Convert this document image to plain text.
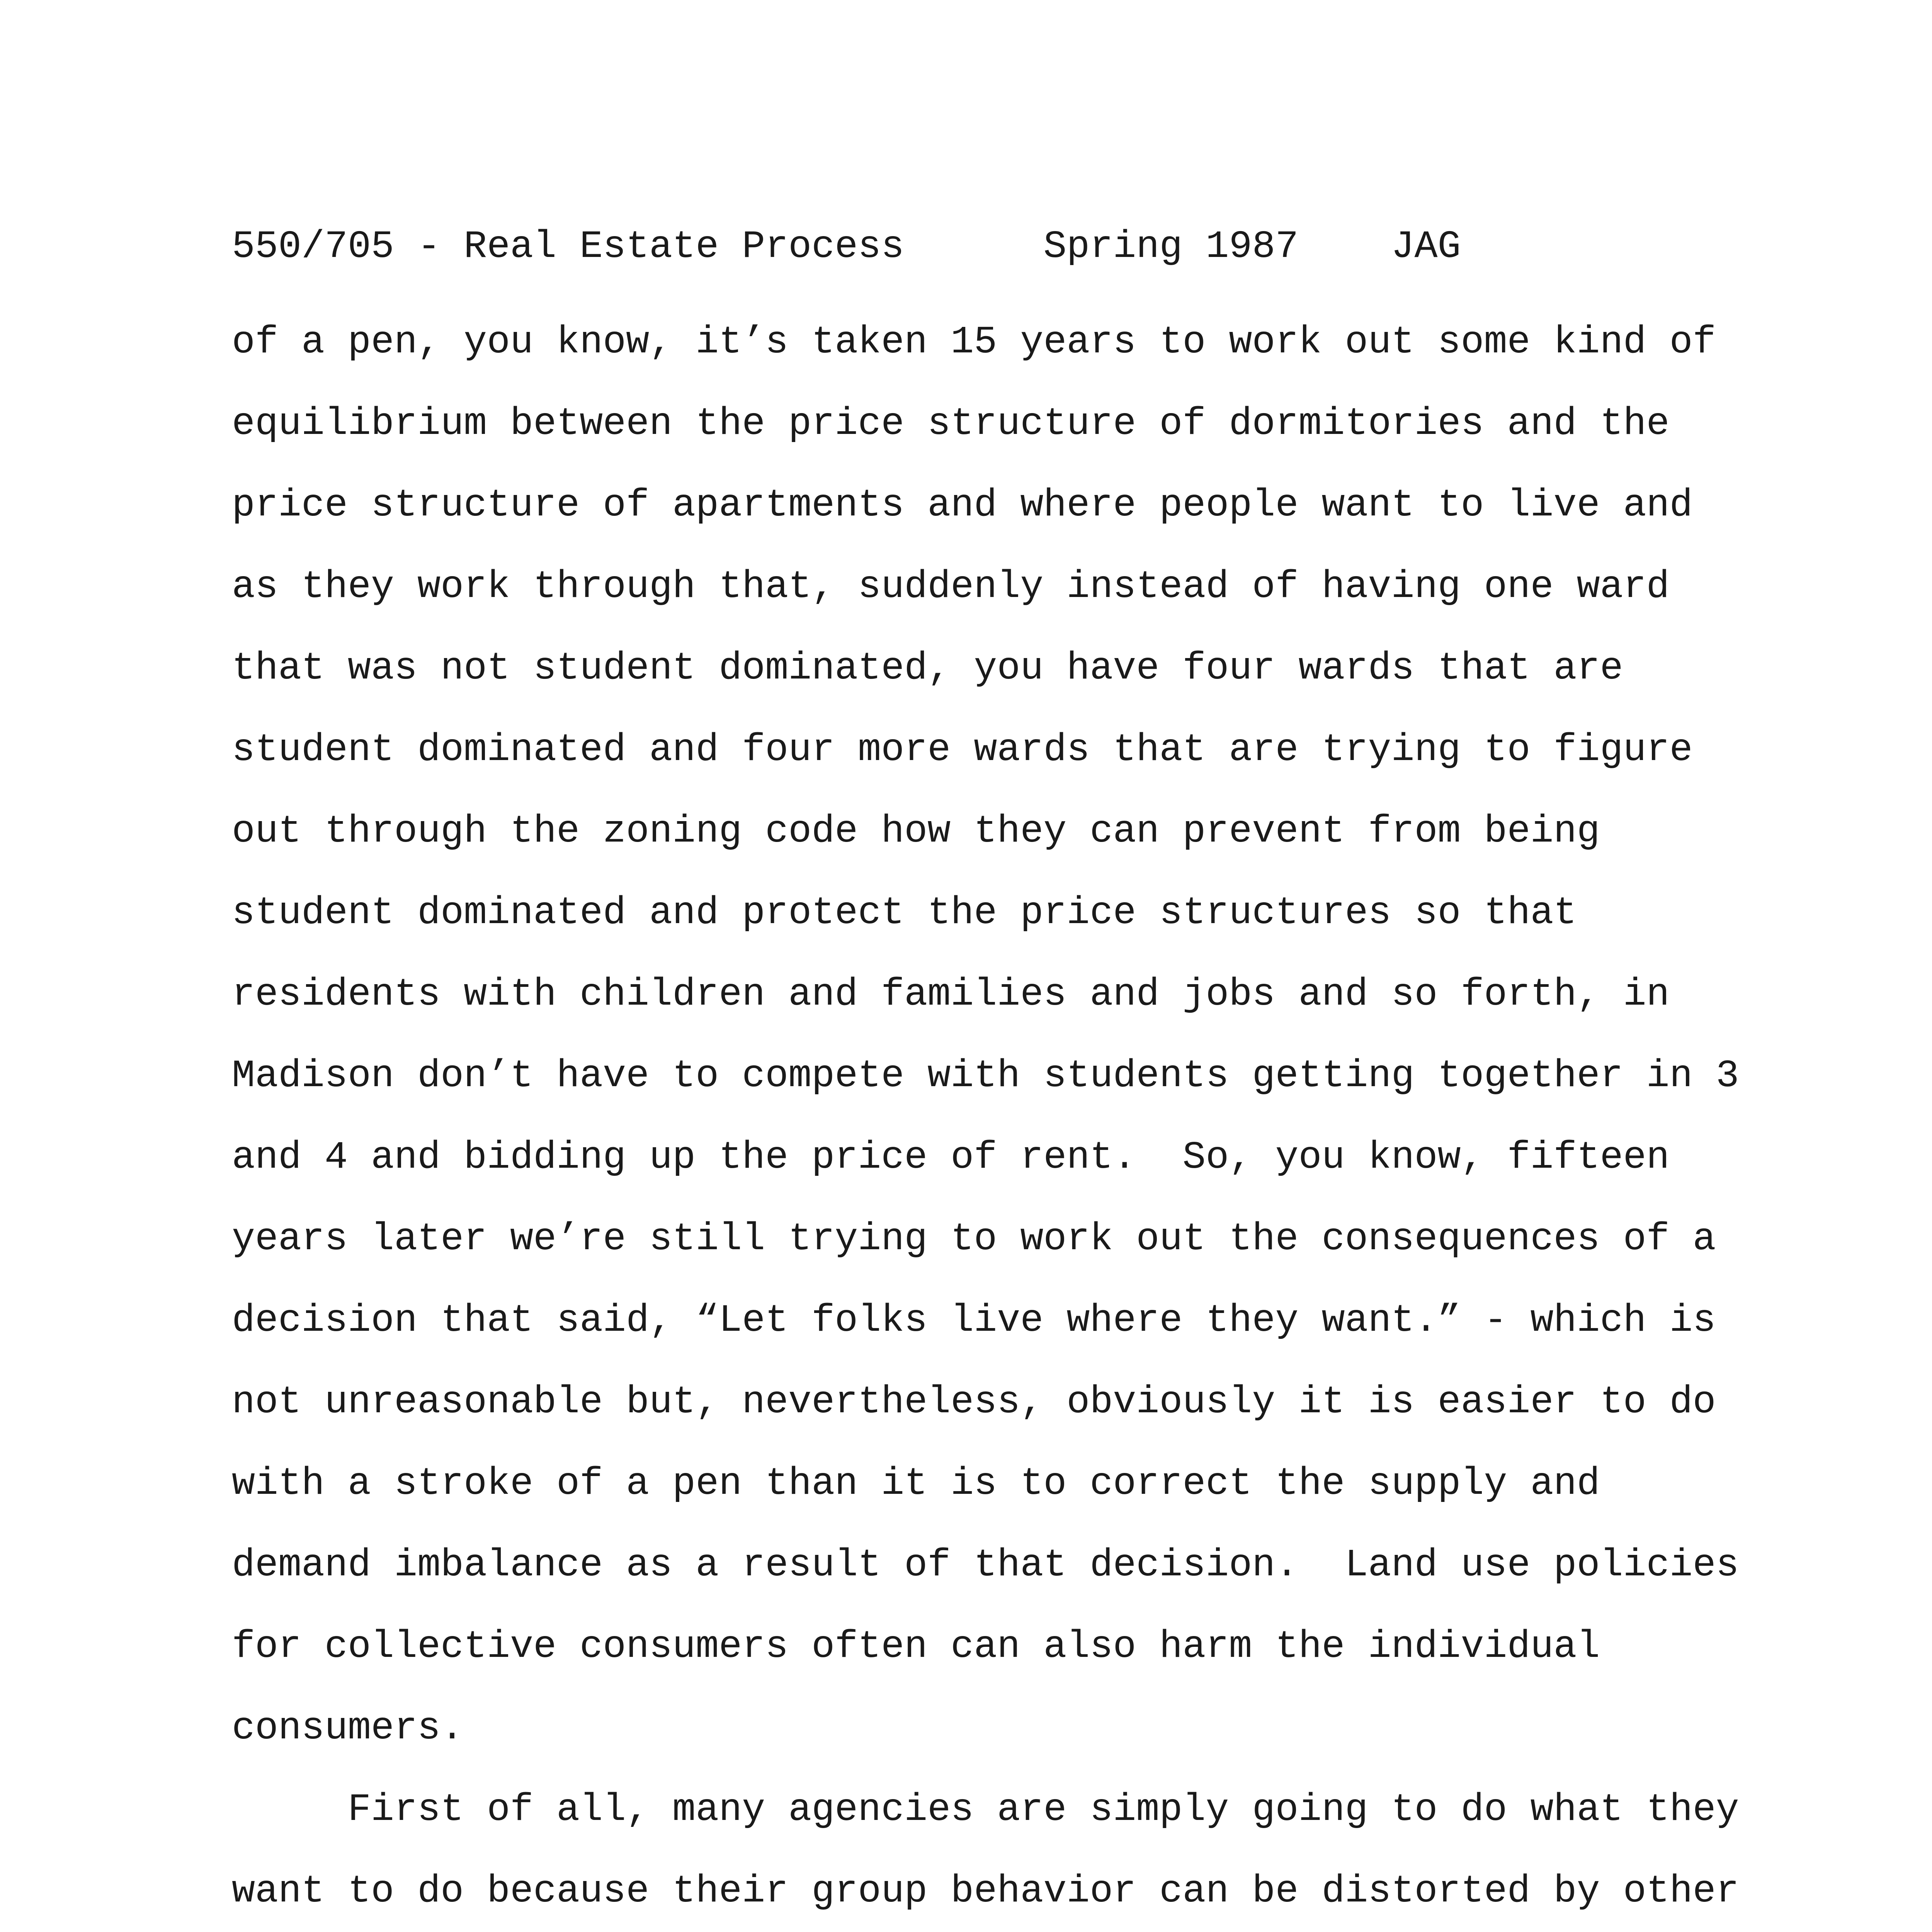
550/705 - Real Estate Process	Spring 1987 JAG
of a pen, you know, it’s taken 15 years to work out some kind of
equilibrium between the price structure of dormitories and the
price structure of apartments and where people want to live and
as they work through that, suddenly instead of having one ward
that was not student dominated, you have four wards that are
student dominated and four more wards that are trying to figure
out through the zoning code how they can prevent from being
student dominated and protect the price structures so that
residents with children and families and jobs and so forth, in
Madison don’t have to compete with students getting together in 3
and 4 and bidding up the price of rent.  So, you know, fifteen
years later we’re still trying to work out the consequences of a
decision that said, “Let folks live where they want.” - which is
not unreasonable but, nevertheless, obviously it is easier to do
with a stroke of a pen than it is to correct the supply and
demand imbalance as a result of that decision.  Land use policies
for collective consumers often can also harm the individual
consumers.
First of all, many agencies are simply going to do what they
want to do because their group behavior can be distorted by other
